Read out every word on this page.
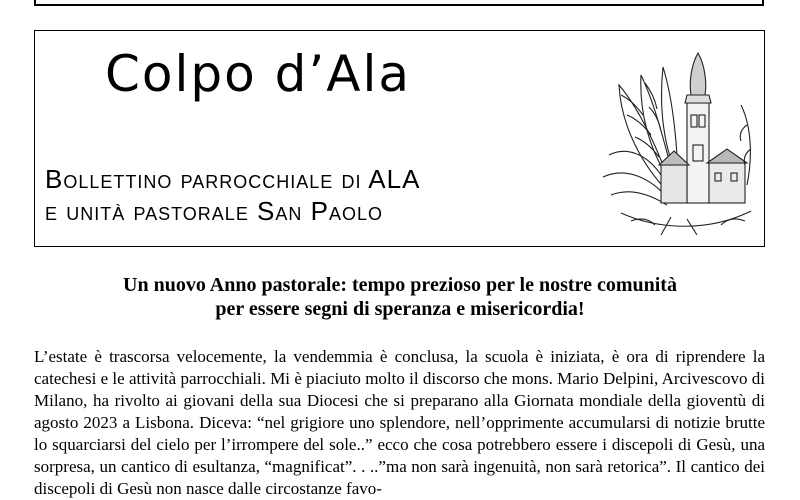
Colpo d’Ala
Bollettino parrocchiale di ALA
e unità pastorale San Paolo
Un nuovo Anno pastorale: tempo prezioso per le nostre comunità
per essere segni di speranza e misericordia!

L’estate è trascorsa velocemente, la vendemmia è conclusa, la scuola è iniziata, è ora di riprendere la catechesi e le attività parrocchiali. Mi è piaciuto molto il discorso che mons. Mario Delpini, Arcivescovo di Milano, ha rivolto ai giovani della sua Diocesi che si preparano alla Giornata mondiale della gioventù di agosto 2023 a Lisbona. Diceva: “nel grigiore uno splendore, nell’opprimente accumularsi di notizie brutte lo squarciarsi del cielo per l’irrompere del sole..” ecco che cosa potrebbero essere i discepoli di Gesù, una sorpresa, un cantico di esultanza, “magnificat”. . ..”ma non sarà ingenuità, non sarà retorica”. Il cantico dei discepoli di Gesù non nasce dalle circostanze favo-
